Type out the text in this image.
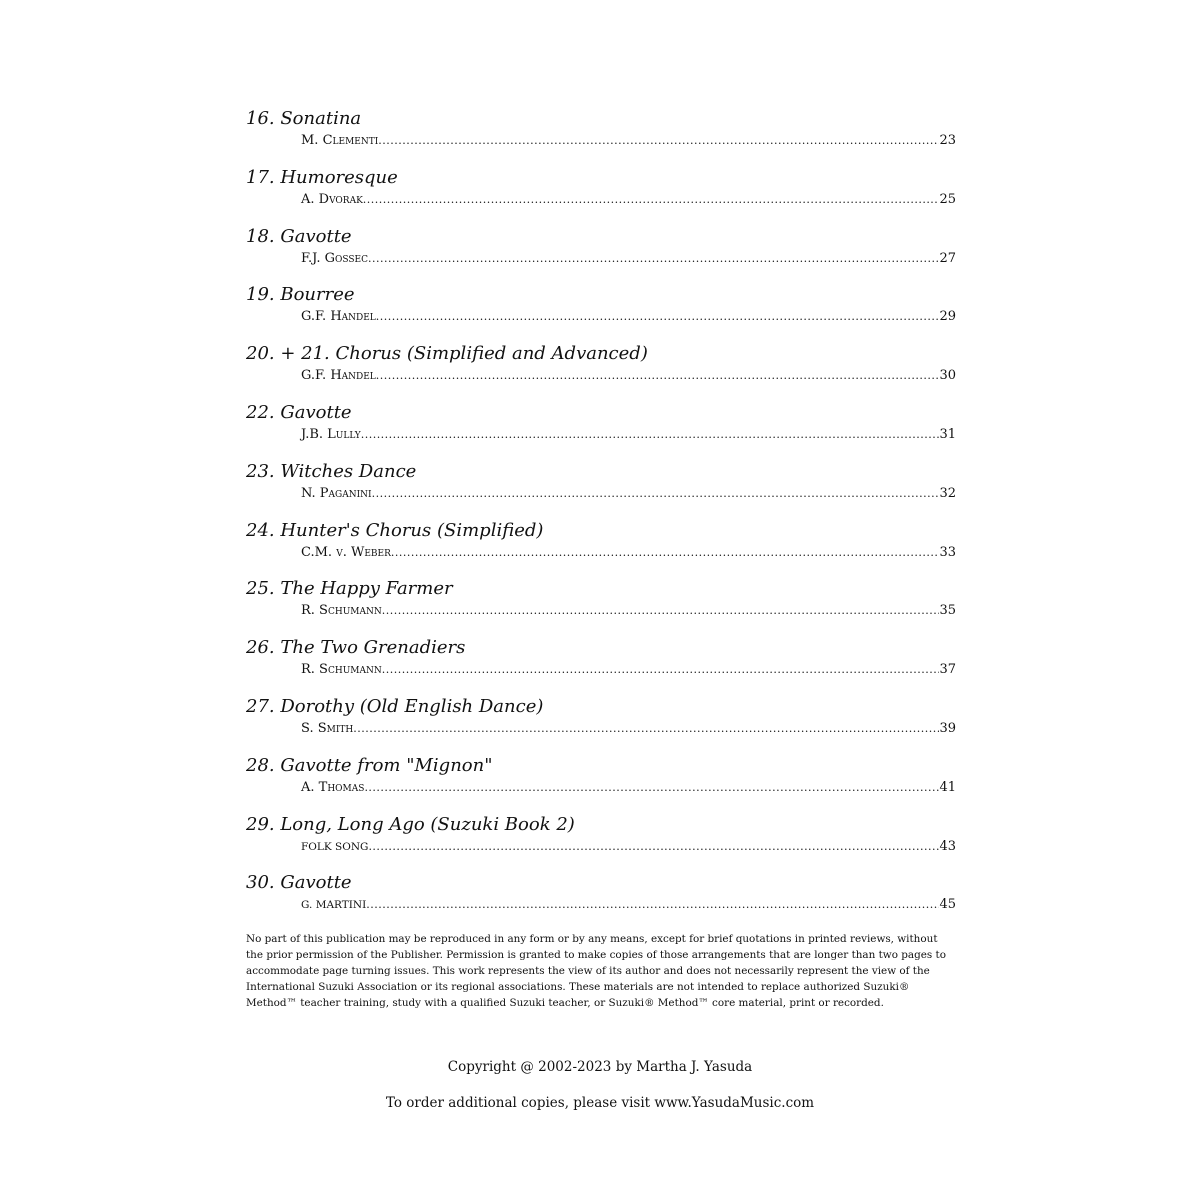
16. Sonatina
M. Clementi .....	23
17. Humoresque
A. Dvorak .....	25
18. Gavotte
F.J. Gossec .....	27
19. Bourree
G.F. Handel .....	29
20. + 21. Chorus (Simplified and Advanced)
G.F. Handel .....	30
22. Gavotte
J.B. Lully .....	31
23. Witches Dance
N. Paganini .....	32
24. Hunter's Chorus (Simplified)
C.M. v. Weber .....	33
25. The Happy Farmer
R. Schumann .....	35
26. The Two Grenadiers
R. Schumann .....	37
27. Dorothy (Old English Dance)
S. Smith .....	39
28. Gavotte from "Mignon"
A. Thomas .....	41
29. Long, Long Ago (Suzuki Book 2)
FOLK SONG .....	43
30. Gavotte
G. MARTINI .....	45
No part of this publication may be reproduced in any form or by any means, except for brief quotations in printed reviews, without the prior permission of the Publisher. Permission is granted to make copies of those arrangements that are longer than two pages to accommodate page turning issues. This work represents the view of its author and does not necessarily represent the view of the International Suzuki Association or its regional associations. These materials are not intended to replace authorized Suzuki® Method™ teacher training, study with a qualified Suzuki teacher, or Suzuki® Method™ core material, print or recorded.
Copyright @ 2002-2023 by Martha J. Yasuda
To order additional copies, please visit www.YasudaMusic.com
